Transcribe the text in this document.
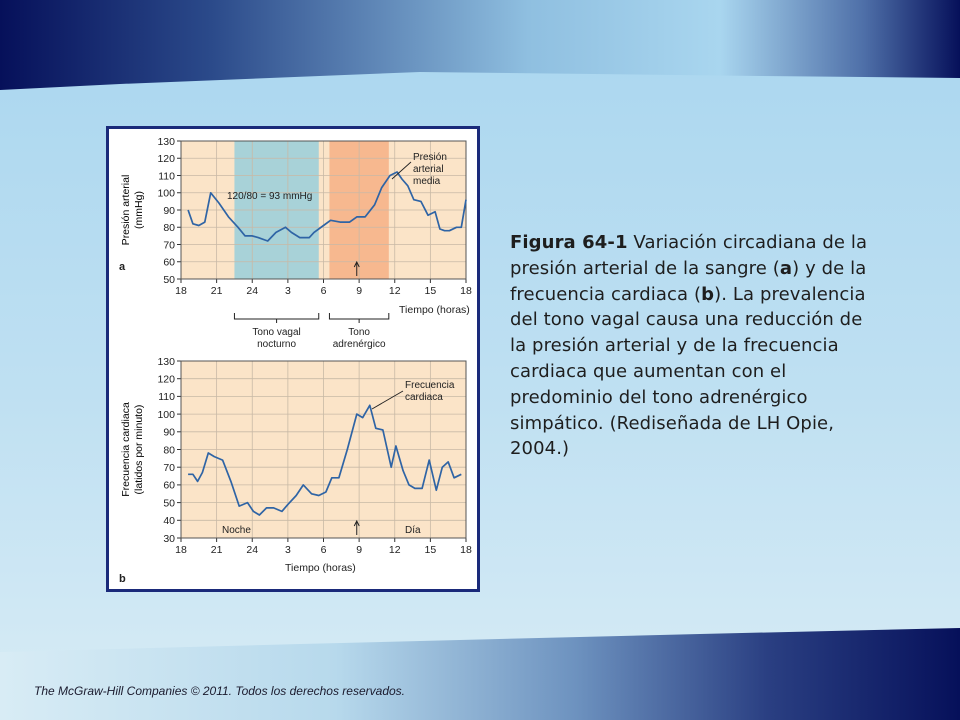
50
60
70
80
90
100
110
120
130
18 21 24	3	6	9	12 15 18
Presión arterial (mmHg)
a
30
40
50
60
70
80
90
100
110
120
130
18 21 24	3	6	9	12 15 18
Frecuencia cardiaca (latidos por minuto)
b
120/80 = 93 mmHg
Presión
arterial
media
Tiempo (horas)
Tono vagal
nocturno
Tono
adrenérgico
Frecuencia
cardiaca
Noche	Día
Tiempo (horas)
Figura 64-1 Variación circadiana de la presión arterial de la sangre (a) y de la frecuencia cardiaca (b). La prevalencia del tono vagal causa una reducción de la presión arterial y de la frecuencia cardiaca que aumentan con el predominio del tono adrenérgico simpático. (Rediseñada de LH Opie, 2004.)
The McGraw-Hill Companies © 2011. Todos los derechos reservados.
